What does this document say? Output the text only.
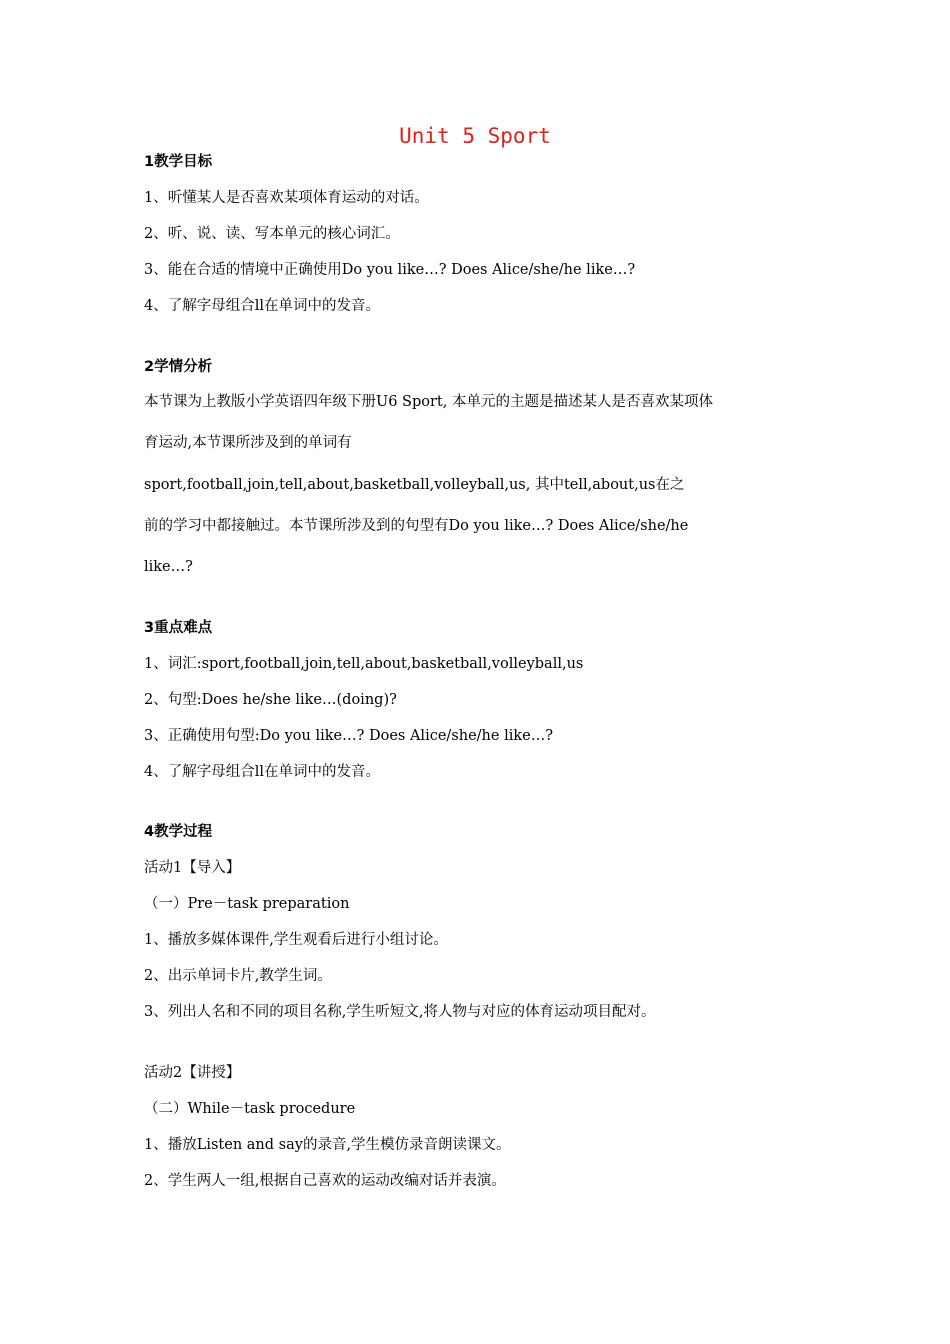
Unit 5 Sport
1教学目标
1、听懂某人是否喜欢某项体育运动的对话。
2、听、说、读、写本单元的核心词汇。
3、能在合适的情境中正确使用Do you like…? Does Alice/she/he like…?
4、了解字母组合ll在单词中的发音。
2学情分析
本节课为上教版小学英语四年级下册U6 Sport, 本单元的主题是描述某人是否喜欢某项体
育运动,本节课所涉及到的单词有
sport,football,join,tell,about,basketball,volleyball,us, 其中tell,about,us在之
前的学习中都接触过。本节课所涉及到的句型有Do you like…? Does Alice/she/he
like…?
3重点难点
1、词汇:sport,football,join,tell,about,basketball,volleyball,us
2、句型:Does he/she like…(doing)?
3、正确使用句型:Do you like…? Does Alice/she/he like…?
4、了解字母组合ll在单词中的发音。
4教学过程
活动1【导入】
（一）Pre－task preparation
1、播放多媒体课件,学生观看后进行小组讨论。
2、出示单词卡片,教学生词。
3、列出人名和不同的项目名称,学生听短文,将人物与对应的体育运动项目配对。
活动2【讲授】
（二）While－task procedure
1、播放Listen and say的录音,学生模仿录音朗读课文。
2、学生两人一组,根据自己喜欢的运动改编对话并表演。
